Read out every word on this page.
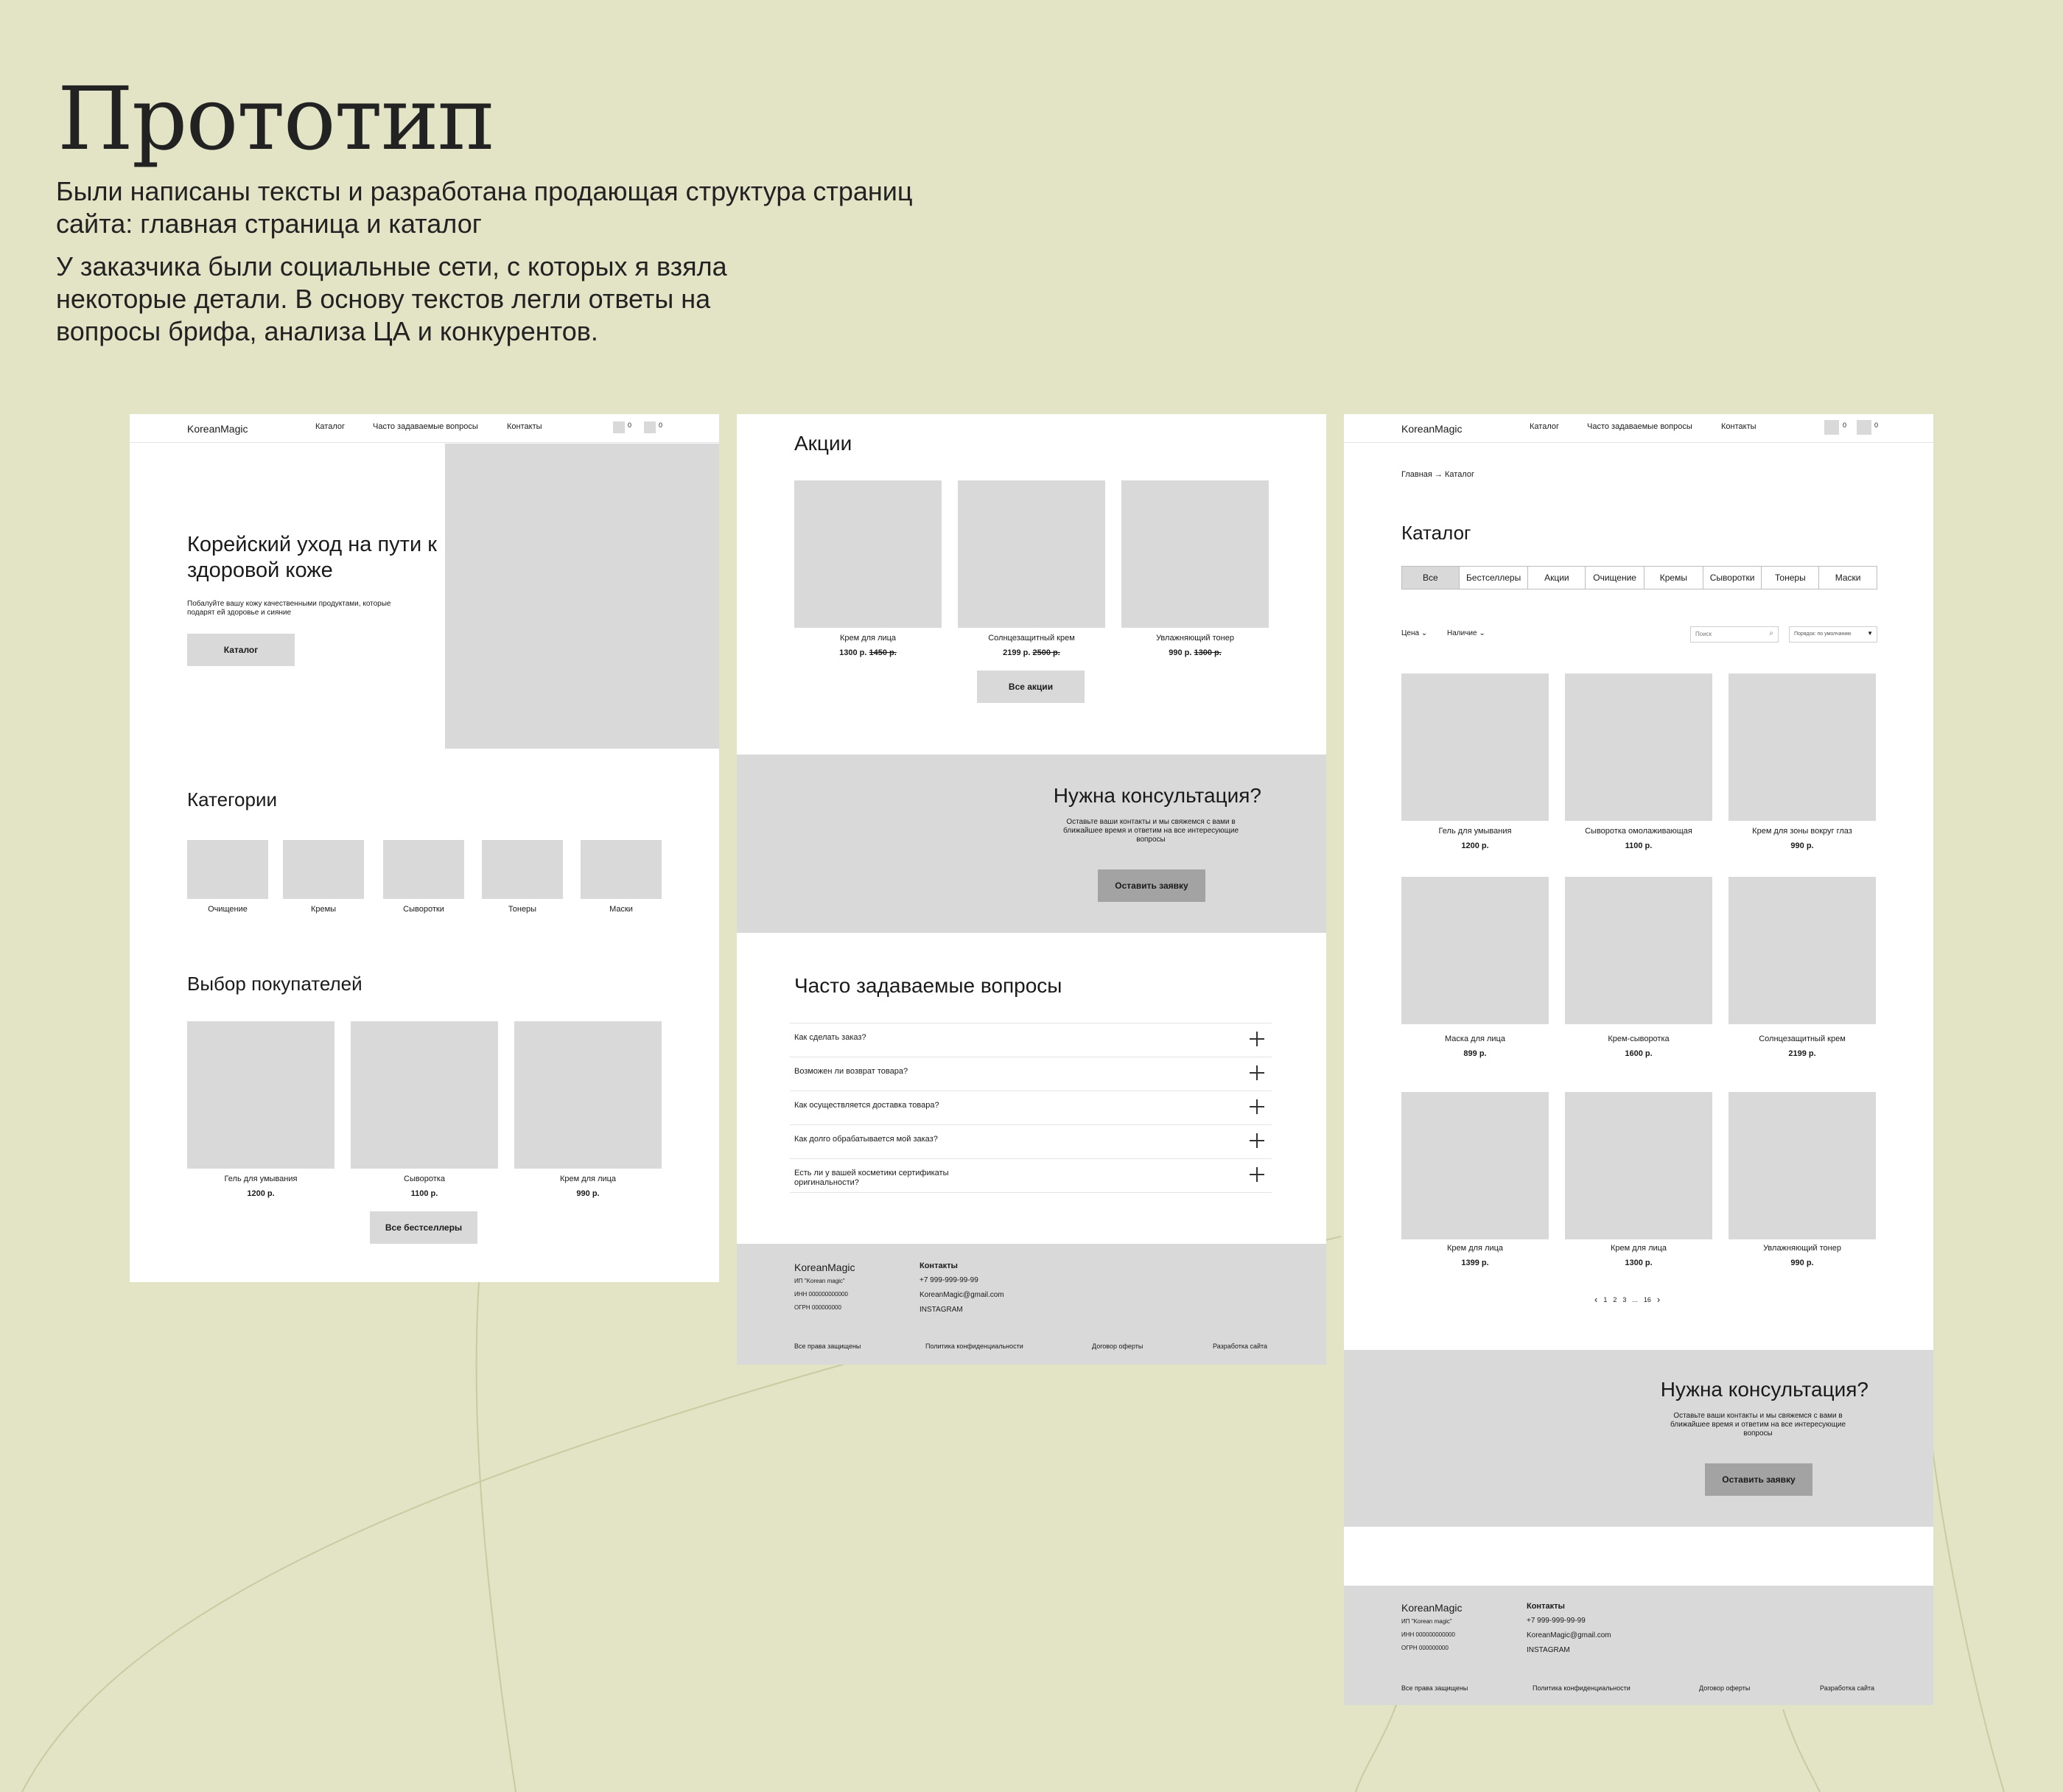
Прототип
Были написаны тексты и разработана продающая структура страниц сайта: главная страница и каталог
У заказчика были социальные сети, с которых я взяла некоторые детали. В основу текстов легли ответы на вопросы брифа, анализа ЦА и конкурентов.
KoreanMagic	Каталог	Часто задаваемые вопросы	Контакты	0	0
Корейский уход на пути к здоровой коже
Побалуйте вашу кожу качественными продуктами, которые подарят ей здоровье и сияние
Каталог
Категории
Очищение	Кремы	Сыворотки	Тонеры	Маски
Выбор покупателей
Гель для умывания	Сыворотка	Крем для лица
1200 р.	1100 р.	990 р.
Все бестселлеры
Акции
Крем для лица	Солнцезащитный крем	Увлажняющий тонер
1300 р. 1450 р.	2199 р. 2500 р.	990 р. 1300 р.
Все акции
Нужна консультация?
Оставьте ваши контакты и мы свяжемся с вами в ближайшее время и ответим на все интересующие вопросы
Оставить заявку
Часто задаваемые вопросы
Как сделать заказ?
Возможен ли возврат товара?
Как осуществляется доставка товара?
Как долго обрабатывается мой заказ?
Есть ли у вашей косметики сертификаты оригинальности?
KoreanMagic
ИП "Korean magic"
ИНН 000000000000
ОГРН 000000000
Контакты
+7 999-999-99-99
KoreanMagic@gmail.com
INSTAGRAM
Все права защищены	Политика конфиденциальности	Договор оферты	Разработка сайта
KoreanMagic	Каталог	Часто задаваемые вопросы	Контакты	0	0
Главная → Каталог
Каталог
Все	Бестселлеры	Акции	Очищение	Кремы	Сыворотки	Тонеры	Маски
Цена ⌄	Наличие ⌄	Поиск	⌕	Порядок: по умолчанию	▼
Гель для умывания	Сыворотка омолаживающая	Крем для зоны вокруг глаз
1200 р.	1100 р.	990 р.
Маска для лица	Крем-сыворотка	Солнцезащитный крем
899 р.	1600 р.	2199 р.
Крем для лица	Крем для лица	Увлажняющий тонер
1399 р.	1300 р.	990 р.
‹ 1 2 3 ... 16 ›
Нужна консультация?
Оставьте ваши контакты и мы свяжемся с вами в ближайшее время и ответим на все интересующие вопросы
Оставить заявку
KoreanMagic
ИП "Korean magic"
ИНН 000000000000
ОГРН 000000000
Контакты
+7 999-999-99-99
KoreanMagic@gmail.com
INSTAGRAM
Все права защищены	Политика конфиденциальности	Договор оферты	Разработка сайта
